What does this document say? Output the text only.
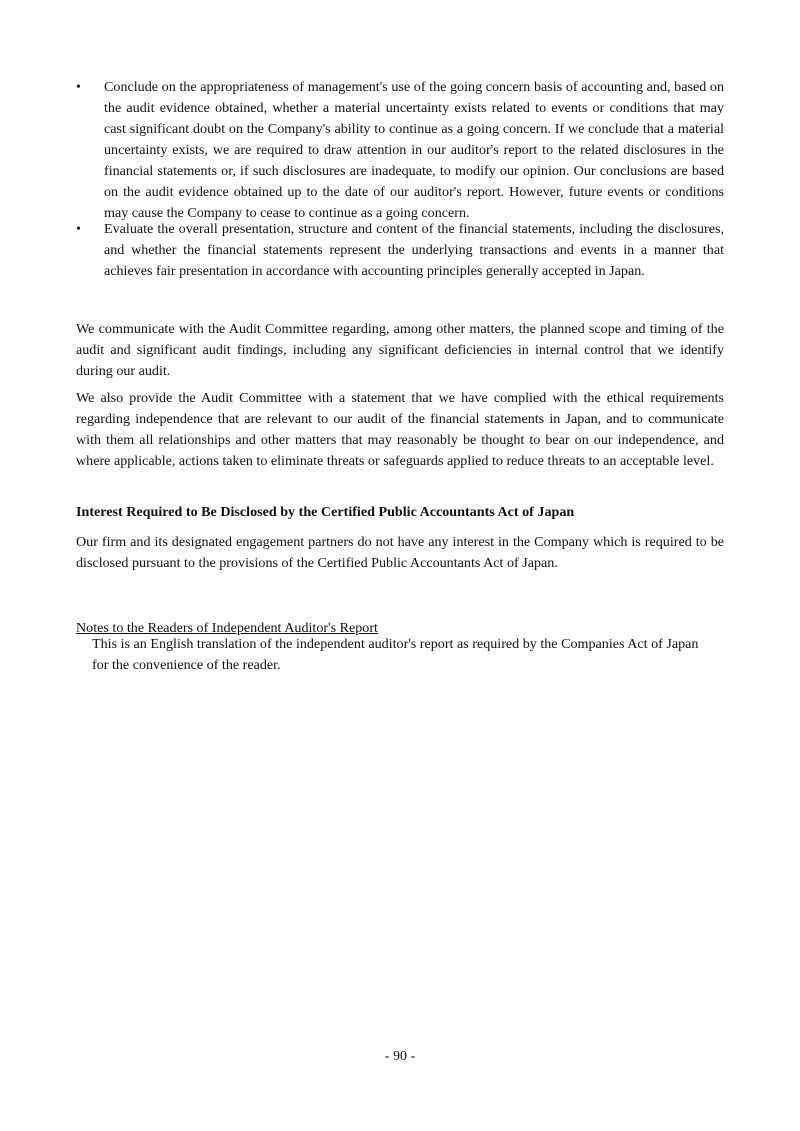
•	Conclude on the appropriateness of management's use of the going concern basis of accounting and, based on the audit evidence obtained, whether a material uncertainty exists related to events or conditions that may cast significant doubt on the Company's ability to continue as a going concern. If we conclude that a material uncertainty exists, we are required to draw attention in our auditor's report to the related disclosures in the financial statements or, if such disclosures are inadequate, to modify our opinion. Our conclusions are based on the audit evidence obtained up to the date of our auditor's report. However, future events or conditions may cause the Company to cease to continue as a going concern.
•	Evaluate the overall presentation, structure and content of the financial statements, including the disclosures, and whether the financial statements represent the underlying transactions and events in a manner that achieves fair presentation in accordance with accounting principles generally accepted in Japan.

We communicate with the Audit Committee regarding, among other matters, the planned scope and timing of the audit and significant audit findings, including any significant deficiencies in internal control that we identify during our audit.

We also provide the Audit Committee with a statement that we have complied with the ethical requirements regarding independence that are relevant to our audit of the financial statements in Japan, and to communicate with them all relationships and other matters that may reasonably be thought to bear on our independence, and where applicable, actions taken to eliminate threats or safeguards applied to reduce threats to an acceptable level.

Interest Required to Be Disclosed by the Certified Public Accountants Act of Japan

Our firm and its designated engagement partners do not have any interest in the Company which is required to be disclosed pursuant to the provisions of the Certified Public Accountants Act of Japan.

Notes to the Readers of Independent Auditor's Report

This is an English translation of the independent auditor's report as required by the Companies Act of Japan for the convenience of the reader.

- 90 -
